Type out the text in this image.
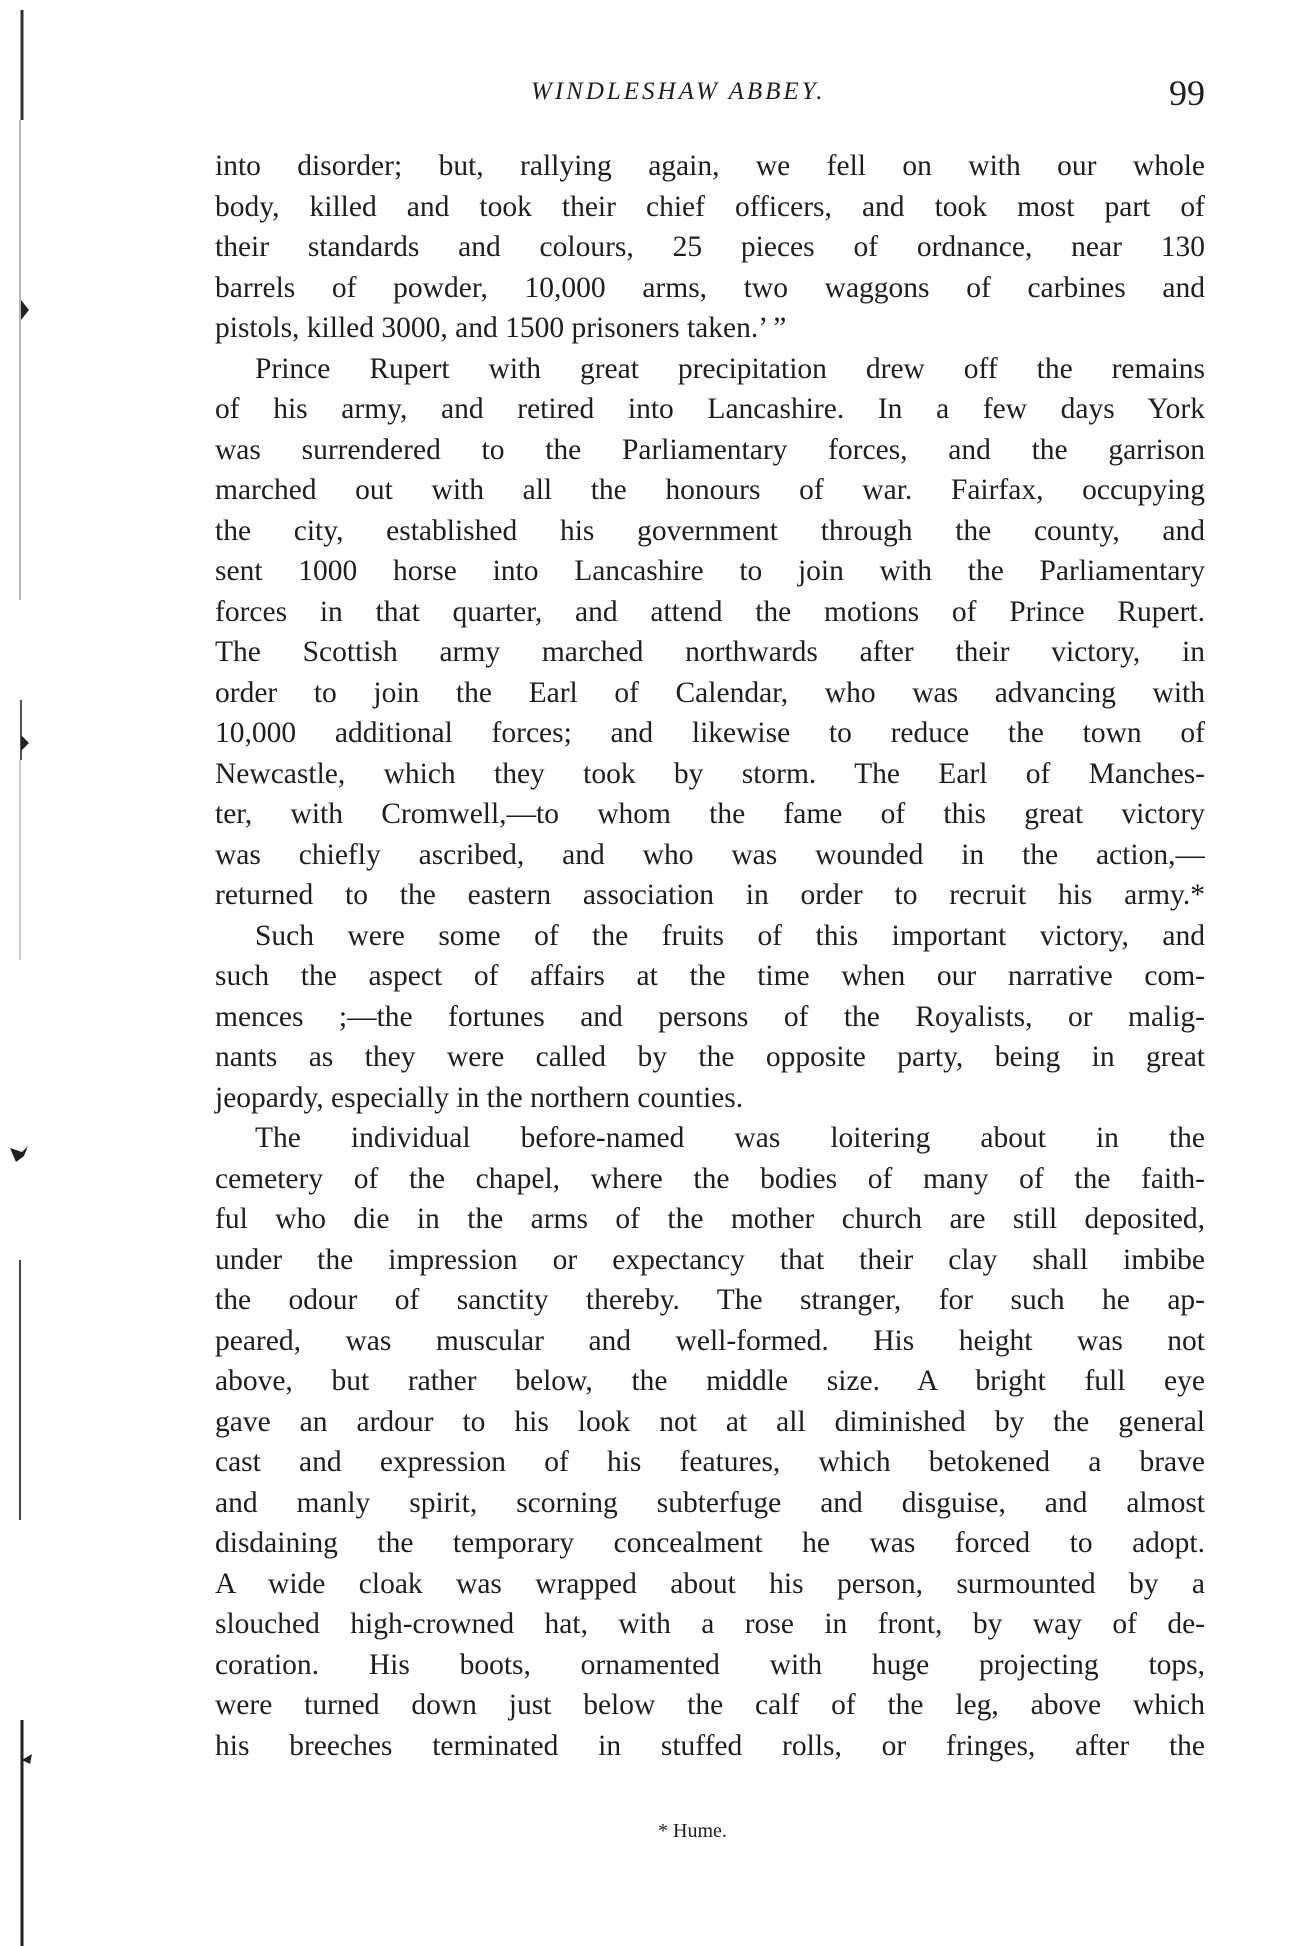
WINDLESHAW ABBEY.	99
into disorder; but, rallying again, we fell on with our whole
body, killed and took their chief officers, and took most part of
their standards and colours, 25 pieces of ordnance, near 130
barrels of powder, 10,000 arms, two waggons of carbines and
pistols, killed 3000, and 1500 prisoners taken.’ ”
Prince Rupert with great precipitation drew off the remains
of his army, and retired into Lancashire. In a few days York
was surrendered to the Parliamentary forces, and the garrison
marched out with all the honours of war. Fairfax, occupying
the city, established his government through the county, and
sent 1000 horse into Lancashire to join with the Parliamentary
forces in that quarter, and attend the motions of Prince Rupert.
The Scottish army marched northwards after their victory, in
order to join the Earl of Calendar, who was advancing with
10,000 additional forces; and likewise to reduce the town of
Newcastle, which they took by storm. The Earl of Manches-
ter, with Cromwell,—to whom the fame of this great victory
was chiefly ascribed, and who was wounded in the action,—
returned to the eastern association in order to recruit his army.*
Such were some of the fruits of this important victory, and
such the aspect of affairs at the time when our narrative com-
mences ;—the fortunes and persons of the Royalists, or malig-
nants as they were called by the opposite party, being in great
jeopardy, especially in the northern counties.
The individual before-named was loitering about in the
cemetery of the chapel, where the bodies of many of the faith-
ful who die in the arms of the mother church are still deposited,
under the impression or expectancy that their clay shall imbibe
the odour of sanctity thereby. The stranger, for such he ap-
peared, was muscular and well-formed. His height was not
above, but rather below, the middle size. A bright full eye
gave an ardour to his look not at all diminished by the general
cast and expression of his features, which betokened a brave
and manly spirit, scorning subterfuge and disguise, and almost
disdaining the temporary concealment he was forced to adopt.
A wide cloak was wrapped about his person, surmounted by a
slouched high-crowned hat, with a rose in front, by way of de-
coration. His boots, ornamented with huge projecting tops,
were turned down just below the calf of the leg, above which
his breeches terminated in stuffed rolls, or fringes, after the
* Hume.
